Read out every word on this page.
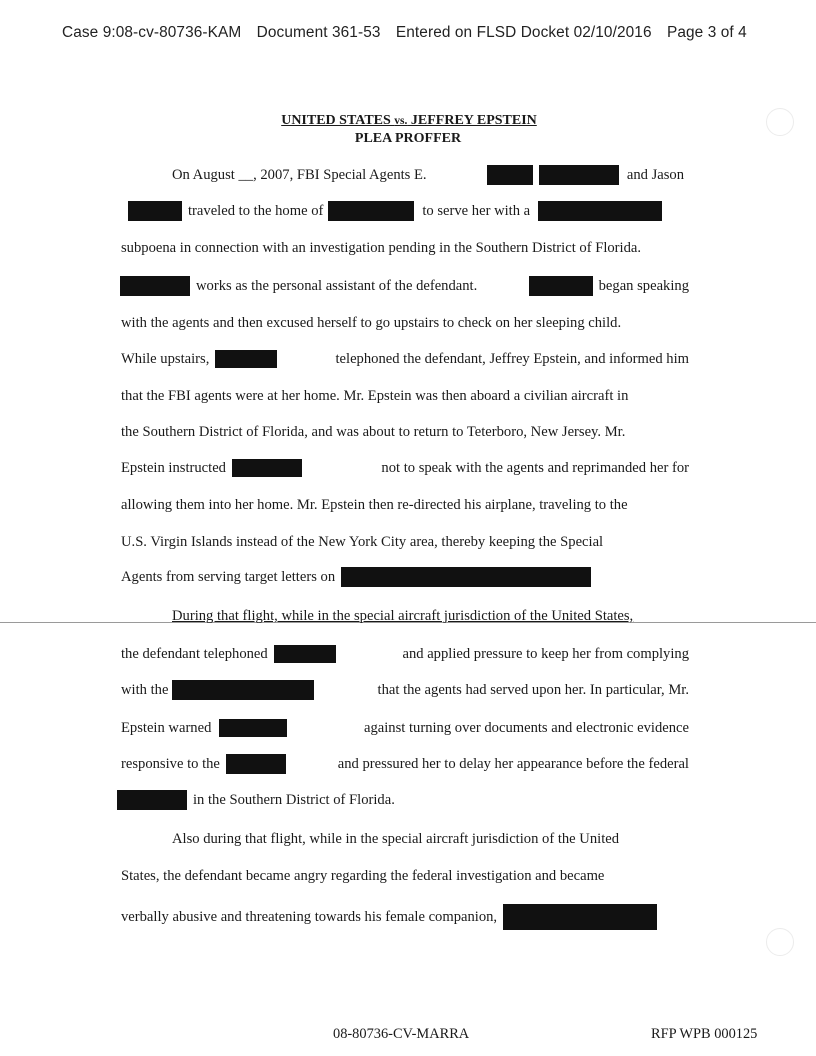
Case 9:08-cv-80736-KAM Document 361-53 Entered on FLSD Docket 02/10/2016 Page 3 of 4
UNITED STATES vs. JEFFREY EPSTEIN
PLEA PROFFER
On August __, 2007, FBI Special Agents E.	and Jason
traveled to the home of	to serve her with a
subpoena in connection with an investigation pending in the Southern District of Florida.
works as the personal assistant of the defendant.	began speaking
with the agents and then excused herself to go upstairs to check on her sleeping child.
While upstairs,	telephoned the defendant, Jeffrey Epstein, and informed him
that the FBI agents were at her home. Mr. Epstein was then aboard a civilian aircraft in
the Southern District of Florida, and was about to return to Teterboro, New Jersey. Mr.
Epstein instructed	not to speak with the agents and reprimanded her for
allowing them into her home. Mr. Epstein then re-directed his airplane, traveling to the
U.S. Virgin Islands instead of the New York City area, thereby keeping the Special
Agents from serving target letters on
During that flight, while in the special aircraft jurisdiction of the United States,
the defendant telephoned	and applied pressure to keep her from complying
with the	that the agents had served upon her. In particular, Mr.
Epstein warned	against turning over documents and electronic evidence
responsive to the	and pressured her to delay her appearance before the federal
in the Southern District of Florida.
Also during that flight, while in the special aircraft jurisdiction of the United
States, the defendant became angry regarding the federal investigation and became
verbally abusive and threatening towards his female companion,
08-80736-CV-MARRA	RFP WPB 000125
